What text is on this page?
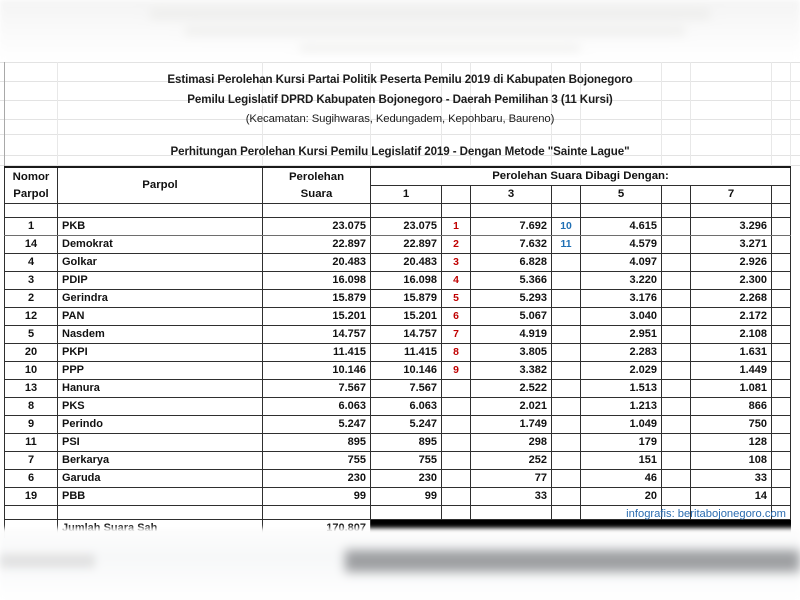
Estimasi Perolehan Kursi Partai Politik Peserta Pemilu 2019 di Kabupaten Bojonegoro
Pemilu Legislatif DPRD Kabupaten Bojonegoro - Daerah Pemilihan 3 (11 Kursi)
(Kecamatan: Sugihwaras, Kedungadem, Kepohbaru, Baureno)
Perhitungan Perolehan Kursi Pemilu Legislatif 2019 - Dengan Metode "Sainte Lague"
Nomor
Parpol
	Parpol	
Perolehan
Suara
	Perolehan Suara Dibagi Dengan:
			1		3		5		7	

1	PKB	23.075	23.075	1	7.692	10	4.615		3.296	
14	Demokrat	22.897	22.897	2	7.632	11	4.579		3.271	
4	Golkar	20.483	20.483	3	6.828		4.097		2.926	
3	PDIP	16.098	16.098	4	5.366		3.220		2.300	
2	Gerindra	15.879	15.879	5	5.293		3.176		2.268	
12	PAN	15.201	15.201	6	5.067		3.040		2.172	
5	Nasdem	14.757	14.757	7	4.919		2.951		2.108	
20	PKPI	11.415	11.415	8	3.805		2.283		1.631	
10	PPP	10.146	10.146	9	3.382		2.029		1.449	
13	Hanura	7.567	7.567		2.522		1.513		1.081	
8	PKS	6.063	6.063		2.021		1.213		866	
9	Perindo	5.247	5.247		1.749		1.049		750	
11	PSI	895	895		298		179		128	
7	Berkarya	755	755		252		151		108	
6	Garuda	230	230		77		46		33	
19	PBB	99	99		33		20		14	

infografis: beritabojonegoro.com
